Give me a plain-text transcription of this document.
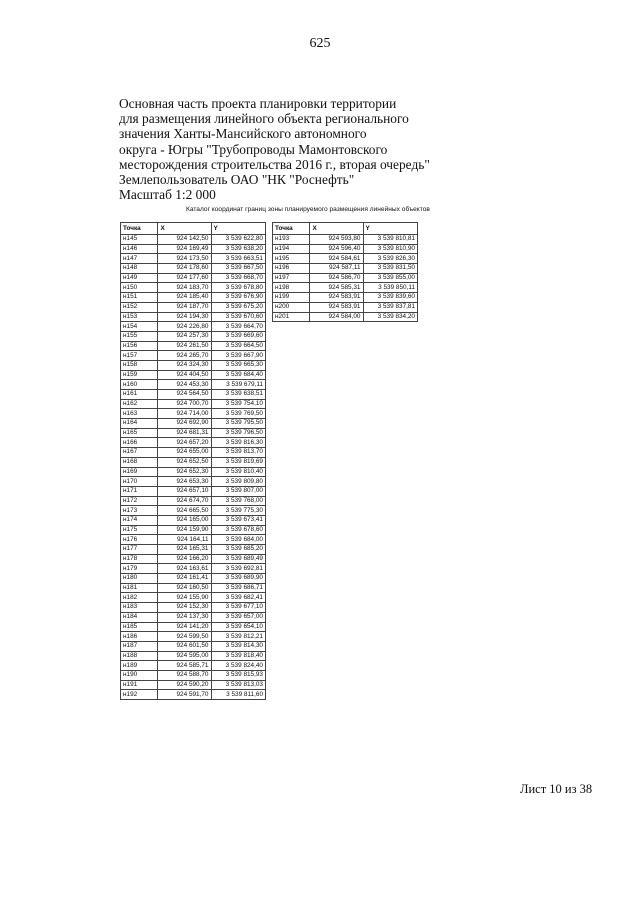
625
Основная часть проекта планировки территории
для размещения линейного объекта регионального
значения Ханты-Мансийского автономного
округа - Югры "Трубопроводы Мамонтовского
месторождения строительства 2016 г., вторая очередь"
Землепользователь ОАО "НК "Роснефть"
Масштаб 1:2 000
Каталог координат границ зоны планируемого размещения линейных объектов
Точка	X	Y
н145	924 142,50	3 539 622,80
н146	924 169,49	3 539 638,20
н147	924 173,50	3 539 663,51
н148	924 178,60	3 539 667,50
н149	924 177,60	3 539 668,70
н150	924 183,70	3 539 678,80
н151	924 185,40	3 539 676,90
н152	924 187,70	3 539 675,20
н153	924 194,30	3 539 670,60
н154	924 226,80	3 539 664,70
н155	924 257,30	3 539 669,60
н156	924 261,50	3 539 664,50
н157	924 265,70	3 539 667,90
н158	924 324,30	3 539 665,30
н159	924 404,50	3 539 684,40
н160	924 453,30	3 539 679,11
н161	924 564,50	3 539 638,51
н162	924 700,70	3 539 754,10
н163	924 714,00	3 539 769,50
н164	924 692,90	3 539 795,50
н165	924 681,31	3 539 796,50
н166	924 657,20	3 539 816,30
н167	924 655,00	3 539 813,70
н168	924 652,50	3 539 819,69
н169	924 652,30	3 539 810,40
н170	924 653,30	3 539 809,80
н171	924 657,10	3 539 807,00
н172	924 674,70	3 539 768,00
н173	924 665,50	3 539 775,30
н174	924 165,00	3 539 673,41
н175	924 159,90	3 539 678,60
н176	924 164,11	3 539 684,00
н177	924 165,31	3 539 685,20
н178	924 166,20	3 539 689,49
н179	924 163,61	3 539 692,81
н180	924 161,41	3 539 689,90
н181	924 160,50	3 539 686,71
н182	924 155,90	3 539 682,41
н183	924 152,30	3 539 677,10
н184	924 137,30	3 539 657,00
н185	924 141,20	3 539 654,10
н186	924 599,50	3 539 812,21
н187	924 601,50	3 539 814,30
н188	924 595,00	3 539 818,40
н189	924 585,71	3 539 824,40
н190	924 588,70	3 539 815,93
н191	924 590,20	3 539 813,03
н192	924 591,70	3 539 811,60
Точка	X	Y
н193	924 593,80	3 539 810,81
н194	924 596,40	3 539 810,90
н195	924 584,61	3 539 826,30
н196	924 587,11	3 539 831,50
н197	924 586,70	3 539 855,00
н198	924 585,31	3 539 850,11
н199	924 583,91	3 539 839,60
н200	924 583,91	3 539 837,81
н201	924 584,00	3 539 834,20
Лист 10 из 38
